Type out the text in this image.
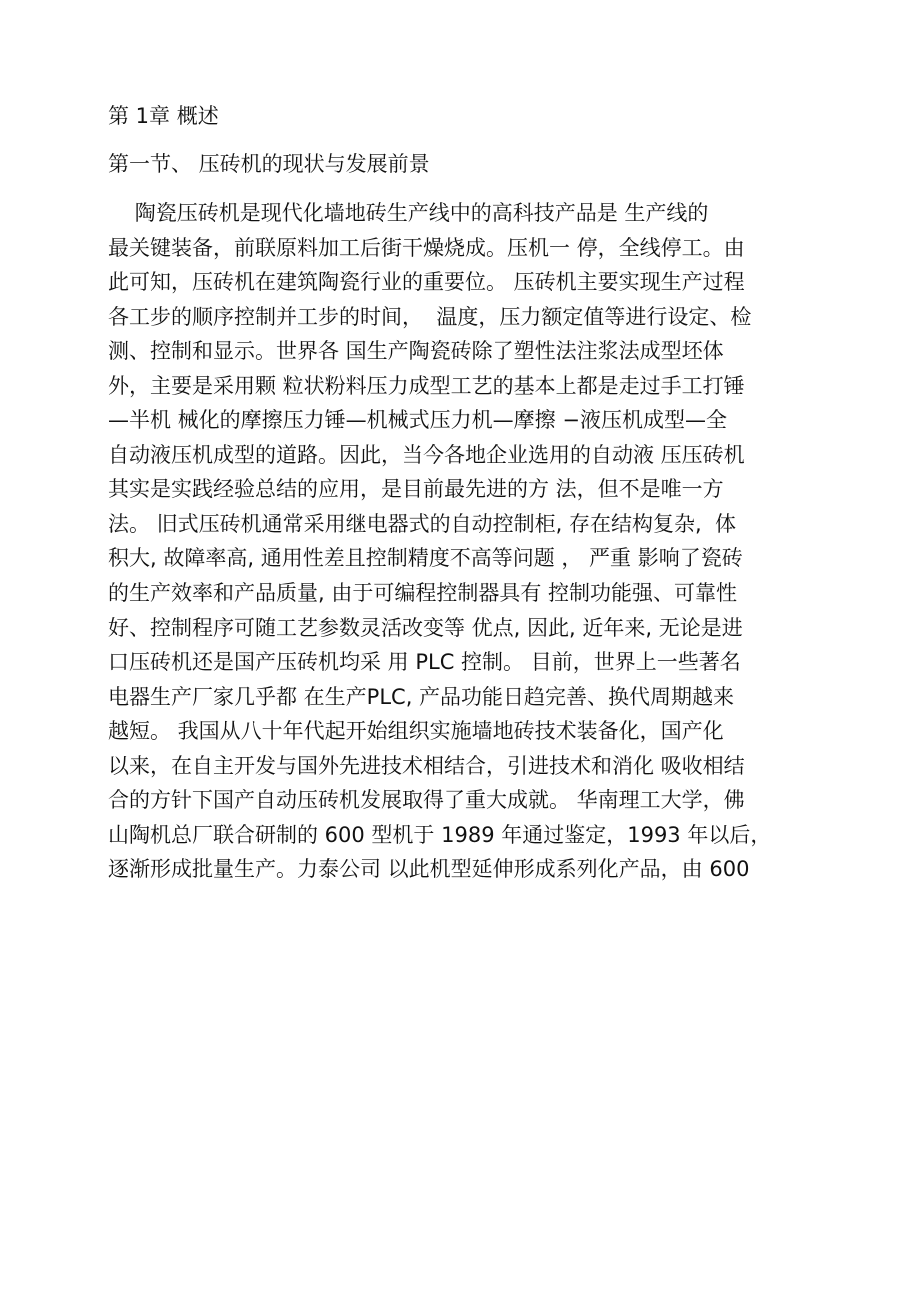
第 1章 概述
第一节、 压砖机的现状与发展前景
陶瓷压砖机是现代化墙地砖生产线中的高科技产品是 生产线的
最关键装备，前联原料加工后街干燥烧成。压机一 停，全线停工。由
此可知，压砖机在建筑陶瓷行业的重要位。 压砖机主要实现生产过程
各工步的顺序控制并工步的时间，  温度，压力额定值等进行设定、检
测、控制和显示。世界各 国生产陶瓷砖除了塑性法注浆法成型坯体
外，主要是采用颗 粒状粉料压力成型工艺的基本上都是走过手工打锤
—半机 械化的摩擦压力锤—机械式压力机—摩擦 −液压机成型—全
自动液压机成型的道路。因此，当今各地企业选用的自动液 压压砖机
其实是实践经验总结的应用，是目前最先进的方 法，但不是唯一方
法。 旧式压砖机通常采用继电器式的自动控制柜, 存在结构复杂,  体
积大, 故障率高, 通用性差且控制精度不高等问题 ， 严重 影响了瓷砖
的生产效率和产品质量, 由于可编程控制器具有 控制功能强、可靠性
好、控制程序可随工艺参数灵活改变等 优点, 因此, 近年来, 无论是进
口压砖机还是国产压砖机均采 用 PLC 控制。 目前，世界上一些著名
电器生产厂家几乎都 在生产PLC, 产品功能日趋完善、换代周期越来
越短。 我国从八十年代起开始组织实施墙地砖技术装备化，国产化
以来，在自主开发与国外先进技术相结合，引进技术和消化 吸收相结
合的方针下国产自动压砖机发展取得了重大成就。 华南理工大学，佛
山陶机总厂联合研制的 600 型机于 1989 年通过鉴定，1993 年以后，
逐渐形成批量生产。力泰公司 以此机型延伸形成系列化产品，由 600
